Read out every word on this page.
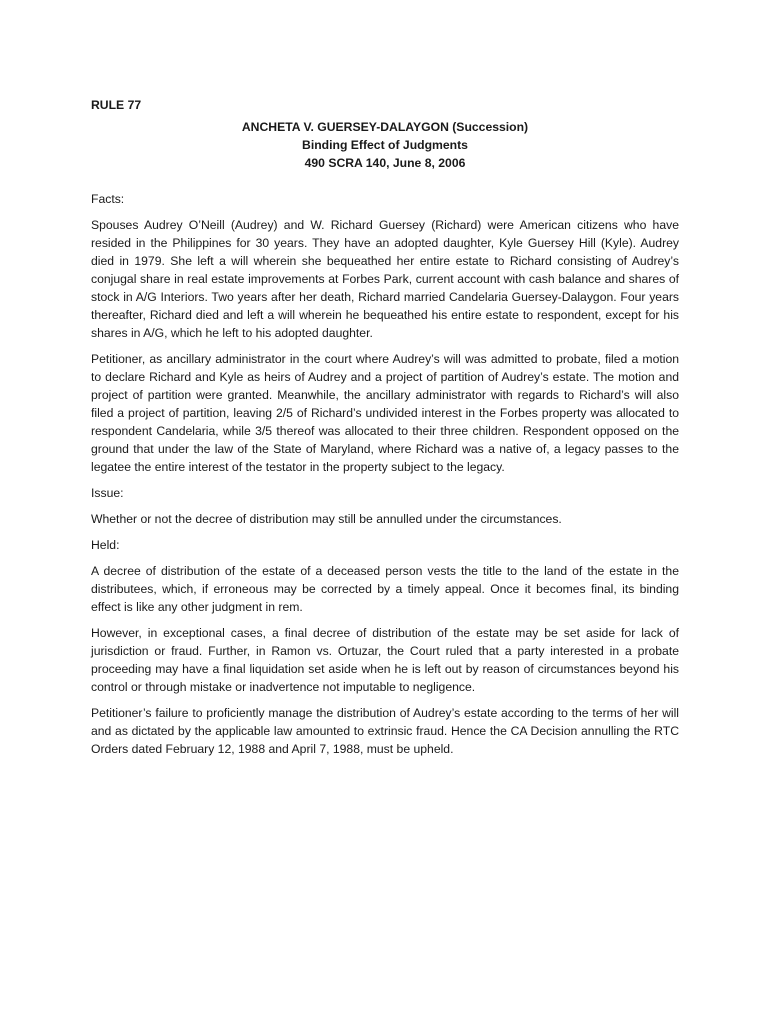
RULE 77
ANCHETA V. GUERSEY-DALAYGON (Succession)
Binding Effect of Judgments
490 SCRA 140, June 8, 2006
Facts:

Spouses Audrey O’Neill (Audrey) and W. Richard Guersey (Richard) were American citizens who have resided in the Philippines for 30 years. They have an adopted daughter, Kyle Guersey Hill (Kyle). Audrey died in 1979. She left a will wherein she bequeathed her entire estate to Richard consisting of Audrey’s conjugal share in real estate improvements at Forbes Park, current account with cash balance and shares of stock in A/G Interiors. Two years after her death, Richard married Candelaria Guersey-Dalaygon. Four years thereafter, Richard died and left a will wherein he bequeathed his entire estate to respondent, except for his shares in A/G, which he left to his adopted daughter.

Petitioner, as ancillary administrator in the court where Audrey’s will was admitted to probate, filed a motion to declare Richard and Kyle as heirs of Audrey and a project of partition of Audrey’s estate. The motion and project of partition were granted. Meanwhile, the ancillary administrator with regards to Richard’s will also filed a project of partition, leaving 2/5 of Richard’s undivided interest in the Forbes property was allocated to respondent Candelaria, while 3/5 thereof was allocated to their three children. Respondent opposed on the ground that under the law of the State of Maryland, where Richard was a native of, a legacy passes to the legatee the entire interest of the testator in the property subject to the legacy.

Issue:

Whether or not the decree of distribution may still be annulled under the circumstances.

Held:

A decree of distribution of the estate of a deceased person vests the title to the land of the estate in the distributees, which, if erroneous may be corrected by a timely appeal. Once it becomes final, its binding effect is like any other judgment in rem.

However, in exceptional cases, a final decree of distribution of the estate may be set aside for lack of jurisdiction or fraud. Further, in Ramon vs. Ortuzar, the Court ruled that a party interested in a probate proceeding may have a final liquidation set aside when he is left out by reason of circumstances beyond his control or through mistake or inadvertence not imputable to negligence.

Petitioner’s failure to proficiently manage the distribution of Audrey’s estate according to the terms of her will and as dictated by the applicable law amounted to extrinsic fraud. Hence the CA Decision annulling the RTC Orders dated February 12, 1988 and April 7, 1988, must be upheld.
